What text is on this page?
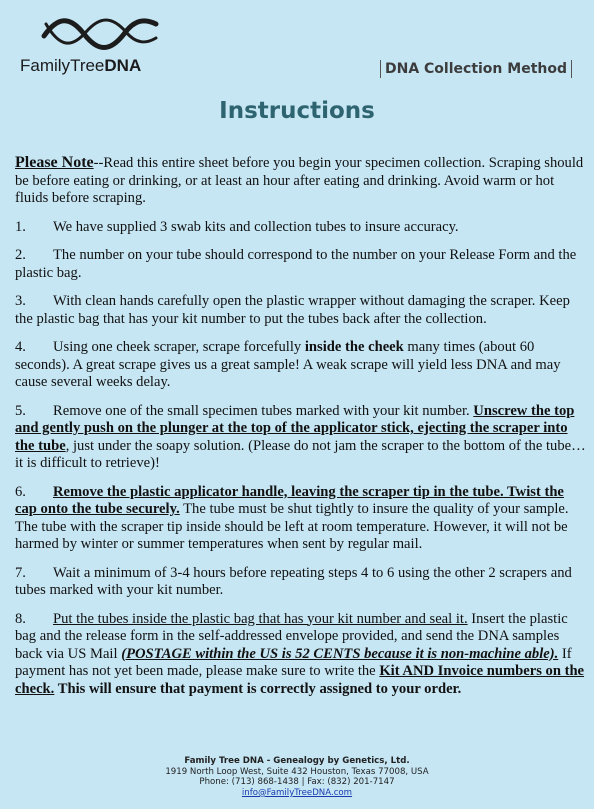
FamilyTreeDNA	DNA Collection Method
Instructions

Please Note--Read this entire sheet before you begin your specimen collection. Scraping should be before eating or drinking, or at least an hour after eating and drinking. Avoid warm or hot fluids before scraping.

1. We have supplied 3 swab kits and collection tubes to insure accuracy.

2. The number on your tube should correspond to the number on your Release Form and the plastic bag.

3. With clean hands carefully open the plastic wrapper without damaging the scraper. Keep the plastic bag that has your kit number to put the tubes back after the collection.

4. Using one cheek scraper, scrape forcefully inside the cheek many times (about 60 seconds). A great scrape gives us a great sample! A weak scrape will yield less DNA and may cause several weeks delay.

5. Remove one of the small specimen tubes marked with your kit number. Unscrew the top and gently push on the plunger at the top of the applicator stick, ejecting the scraper into the tube, just under the soapy solution. (Please do not jam the scraper to the bottom of the tube…it is difficult to retrieve)!

6. Remove the plastic applicator handle, leaving the scraper tip in the tube. Twist the cap onto the tube securely. The tube must be shut tightly to insure the quality of your sample. The tube with the scraper tip inside should be left at room temperature. However, it will not be harmed by winter or summer temperatures when sent by regular mail.

7. Wait a minimum of 3-4 hours before repeating steps 4 to 6 using the other 2 scrapers and tubes marked with your kit number.

8. Put the tubes inside the plastic bag that has your kit number and seal it. Insert the plastic bag and the release form in the self-addressed envelope provided, and send the DNA samples back via US Mail (POSTAGE within the US is 52 CENTS because it is non-machine able). If payment has not yet been made, please make sure to write the Kit AND Invoice numbers on the check. This will ensure that payment is correctly assigned to your order.

Family Tree DNA - Genealogy by Genetics, Ltd.
1919 North Loop West, Suite 432 Houston, Texas 77008, USA
Phone: (713) 868-1438 | Fax: (832) 201-7147
info@FamilyTreeDNA.com
